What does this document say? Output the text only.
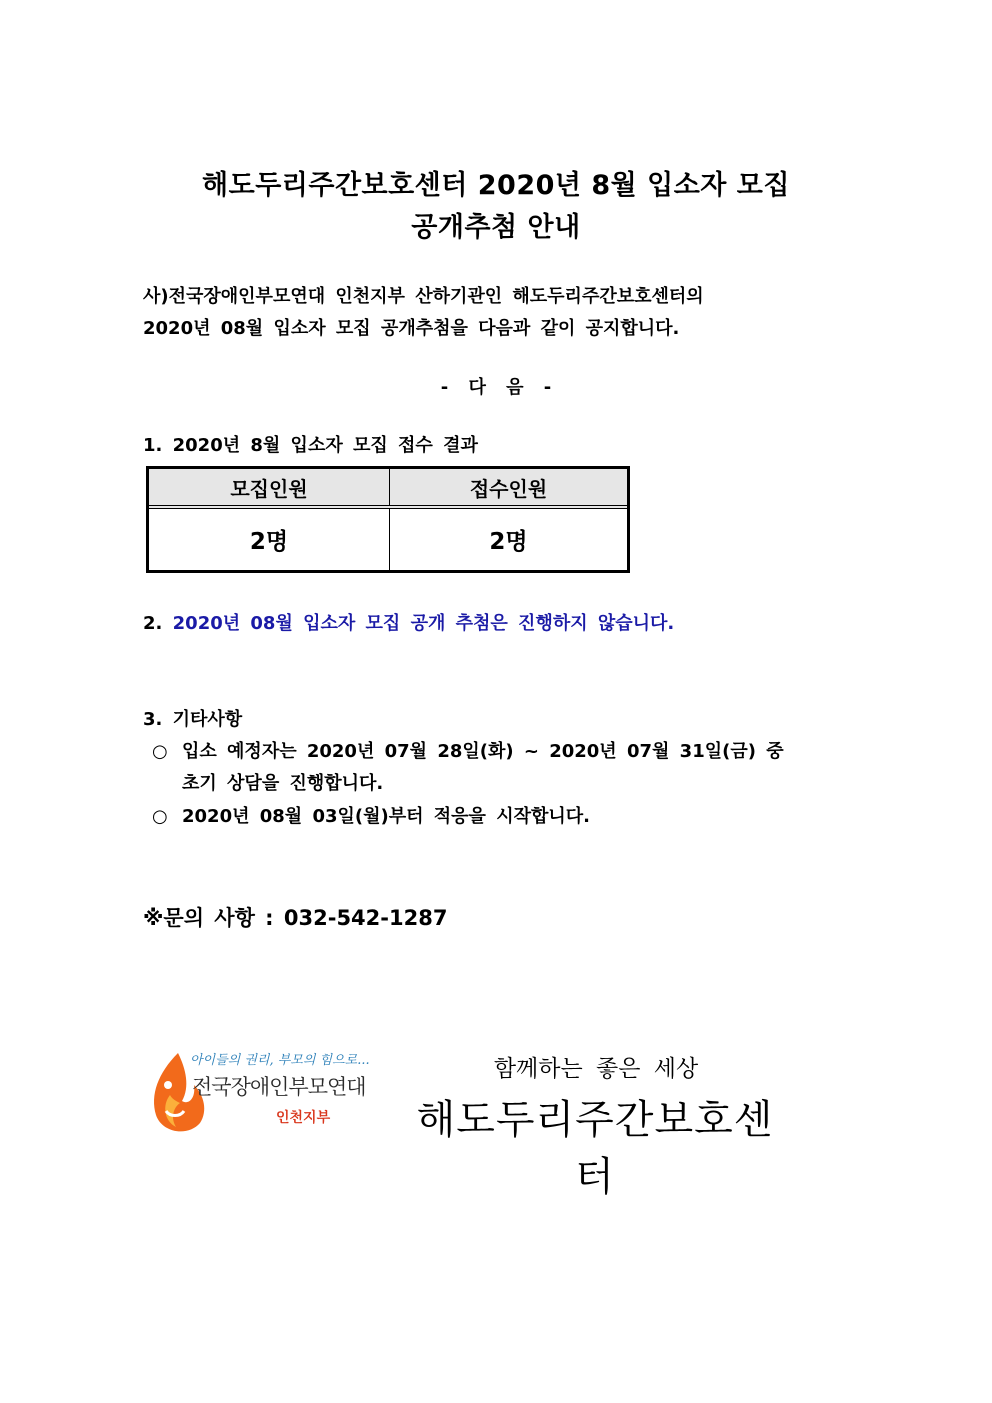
해도두리주간보호센터 2020년 8월 입소자 모집
공개추첨 안내
사)전국장애인부모연대 인천지부 산하기관인 해도두리주간보호센터의
2020년 08월 입소자 모집 공개추첨을 다음과 같이 공지합니다.
- 다 음 -
1. 2020년 8월 입소자 모집 접수 결과
모집인원	접수인원
2명	2명
2. 2020년 08월 입소자 모집 공개 추첨은 진행하지 않습니다.
3. 기타사항
○ 입소 예정자는 2020년 07월 28일(화) ~ 2020년 07월 31일(금) 중
초기 상담을 진행합니다.
○ 2020년 08월 03일(월)부터 적응을 시작합니다.
※문의 사항 : 032-542-1287
아이들의 권리, 부모의 힘으로...
전국장애인부모연대
인천지부
함께하는 좋은 세상
해도두리주간보호센터
